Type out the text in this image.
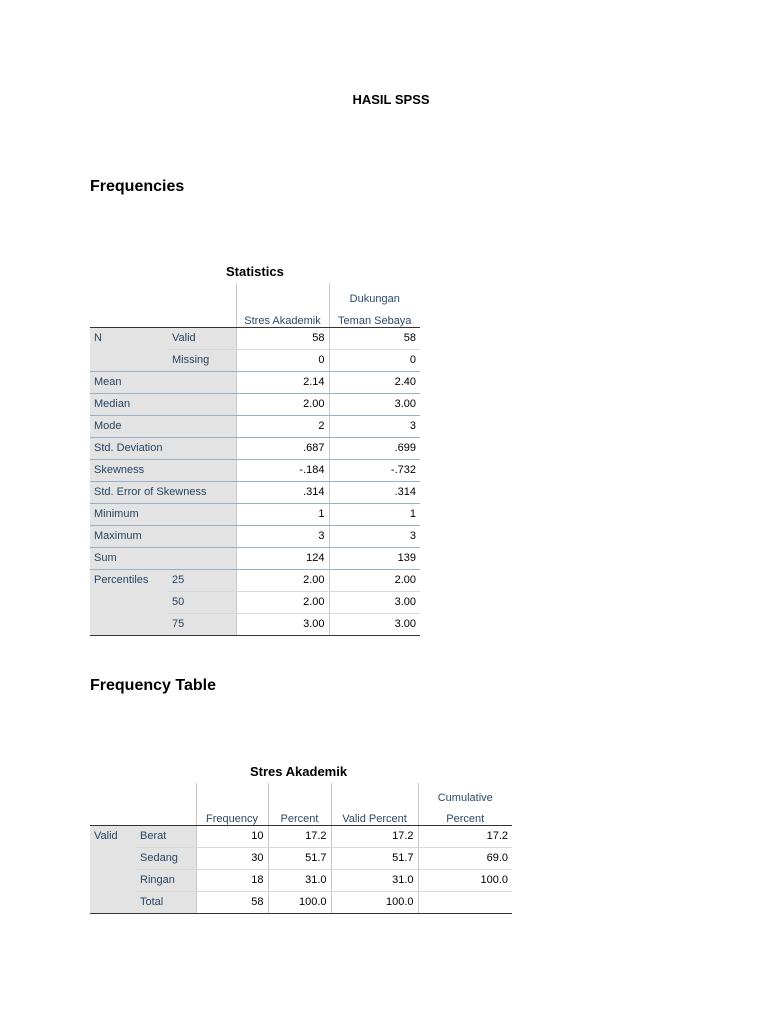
HASIL SPSS
Frequencies
Statistics
			Dukungan
		Stres Akademik	Teman Sebaya
N	Valid	58	58
	Missing	0	0
Mean		2.14	2.40
Median		2.00	3.00
Mode		2	3
Std. Deviation		.687	.699
Skewness		-.184	-.732
Std. Error of Skewness		.314	.314
Minimum		1	1
Maximum		3	3
Sum		124	139
Percentiles	25	2.00	2.00
	50	2.00	3.00
	75	3.00	3.00
Frequency Table
Stres Akademik
					Cumulative
		Frequency	Percent	Valid Percent	Percent
Valid	Berat	10	17.2	17.2	17.2
	Sedang	30	51.7	51.7	69.0
	Ringan	18	31.0	31.0	100.0
	Total	58	100.0	100.0	
